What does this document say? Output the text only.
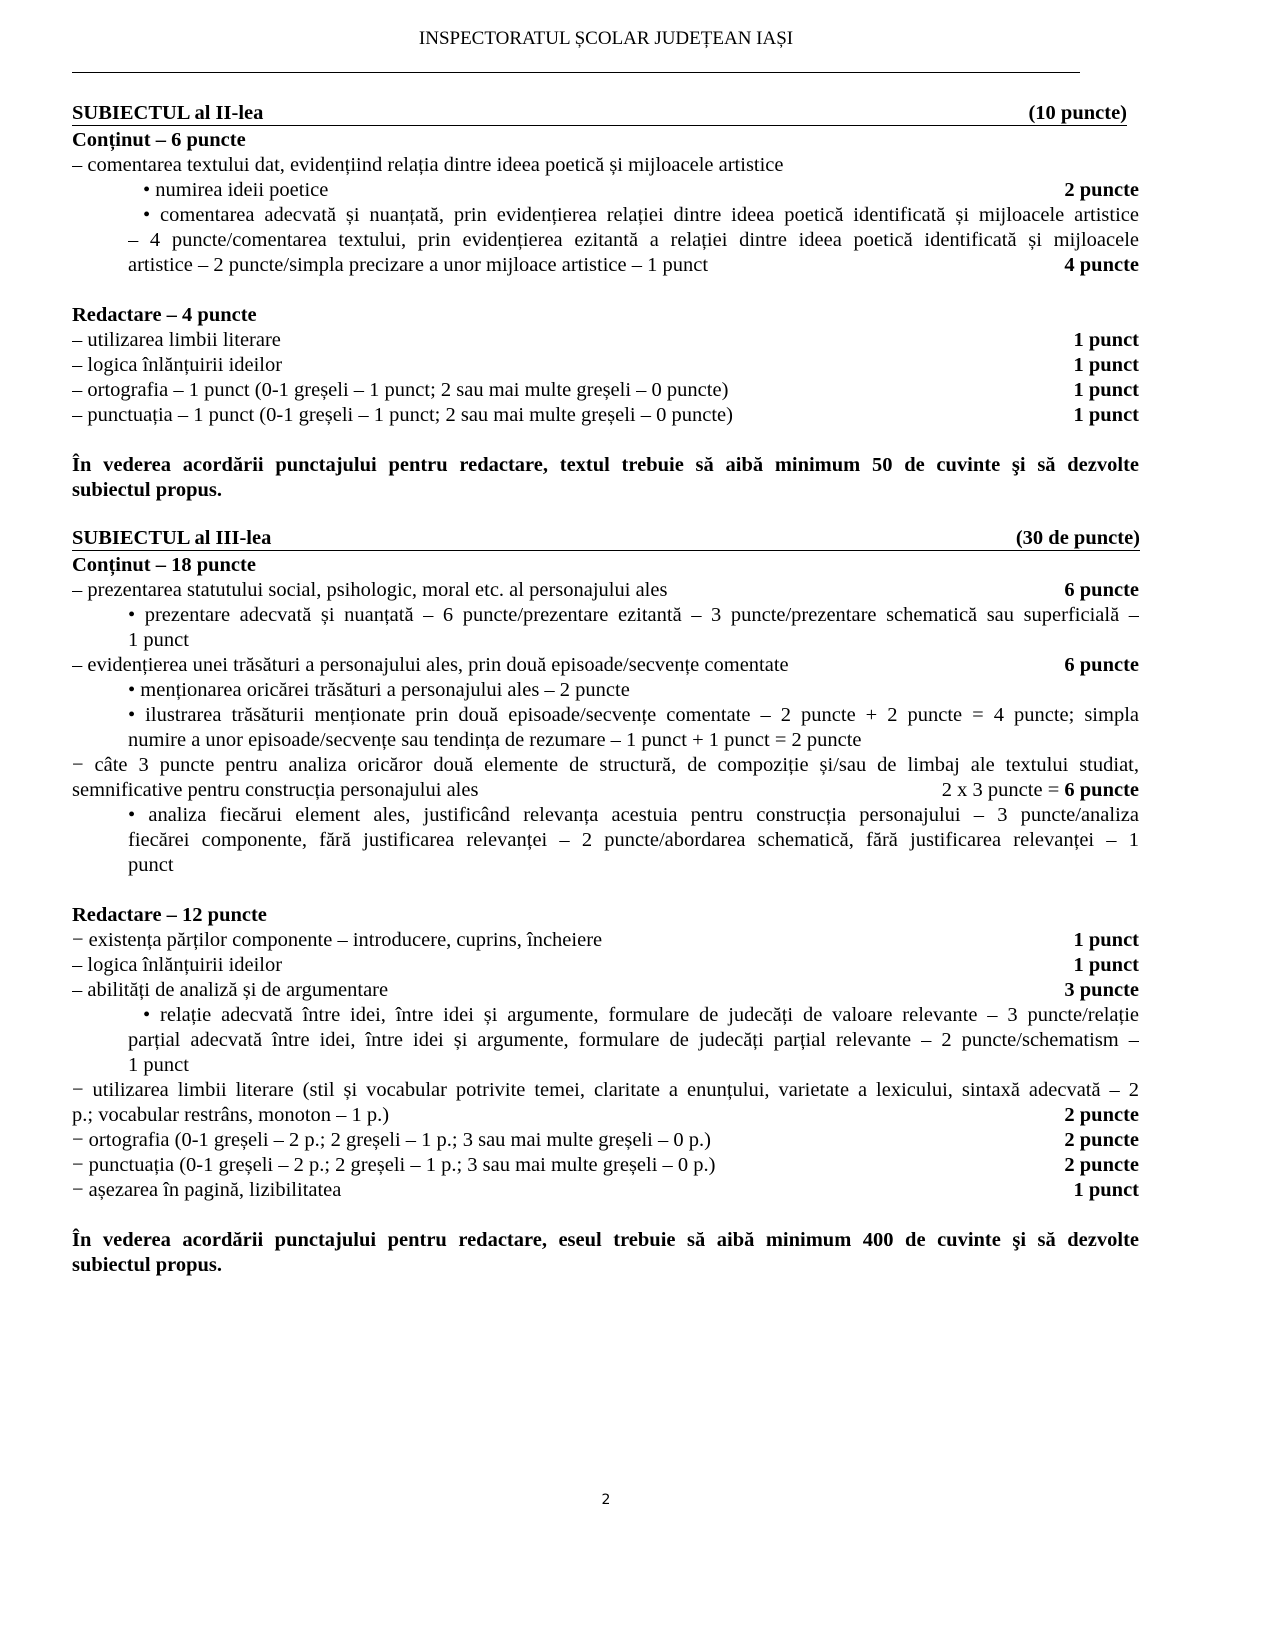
INSPECTORATUL ȘCOLAR JUDEȚEAN IAȘI
SUBIECTUL al II-lea	(10 puncte)
Conținut – 6 puncte
– comentarea textului dat, evidențiind relația dintre ideea poetică și mijloacele artistice
• numirea ideii poetice	2 puncte
• comentarea adecvată și nuanțată, prin evidențierea relației dintre ideea poetică identificată și mijloacele artistice
– 4 puncte/comentarea textului, prin evidențierea ezitantă a relației dintre ideea poetică identificată și mijloacele
artistice – 2 puncte/simpla precizare a unor mijloace artistice – 1 punct	4 puncte
Redactare – 4 puncte
– utilizarea limbii literare	1 punct
– logica înlănțuirii ideilor	1 punct
– ortografia – 1 punct (0-1 greșeli – 1 punct; 2 sau mai multe greșeli – 0 puncte)	1 punct
– punctuația – 1 punct (0-1 greșeli – 1 punct; 2 sau mai multe greșeli – 0 puncte)	1 punct
În vederea acordării punctajului pentru redactare, textul trebuie să aibă minimum 50 de cuvinte şi să dezvolte
subiectul propus.
SUBIECTUL al III-lea	(30 de puncte)
Conținut – 18 puncte
– prezentarea statutului social, psihologic, moral etc. al personajului ales	6 puncte
• prezentare adecvată și nuanțată – 6 puncte/prezentare ezitantă – 3 puncte/prezentare schematică sau superficială –
1 punct
– evidențierea unei trăsături a personajului ales, prin două episoade/secvențe comentate	6 puncte
• menționarea oricărei trăsături a personajului ales – 2 puncte
• ilustrarea trăsăturii menționate prin două episoade/secvențe comentate – 2 puncte + 2 puncte = 4 puncte; simpla
numire a unor episoade/secvențe sau tendința de rezumare – 1 punct + 1 punct = 2 puncte
− câte 3 puncte pentru analiza oricăror două elemente de structură, de compoziție și/sau de limbaj ale textului studiat,
semnificative pentru construcția personajului ales	2 x 3 puncte = 6 puncte
• analiza fiecărui element ales, justificând relevanța acestuia pentru construcția personajului – 3 puncte/analiza
fiecărei componente, fără justificarea relevanței – 2 puncte/abordarea schematică, fără justificarea relevanței – 1
punct
Redactare – 12 puncte
− existența părților componente – introducere, cuprins, încheiere	1 punct
– logica înlănțuirii ideilor	1 punct
– abilități de analiză și de argumentare	3 puncte
• relație adecvată între idei, între idei și argumente, formulare de judecăți de valoare relevante – 3 puncte/relație
parțial adecvată între idei, între idei și argumente, formulare de judecăți parțial relevante – 2 puncte/schematism –
1 punct
− utilizarea limbii literare (stil și vocabular potrivite temei, claritate a enunțului, varietate a lexicului, sintaxă adecvată – 2
p.; vocabular restrâns, monoton – 1 p.)	2 puncte
− ortografia (0-1 greșeli – 2 p.; 2 greșeli – 1 p.; 3 sau mai multe greșeli – 0 p.)	2 puncte
− punctuația (0-1 greșeli – 2 p.; 2 greșeli – 1 p.; 3 sau mai multe greșeli – 0 p.)	2 puncte
− așezarea în pagină, lizibilitatea	1 punct
În vederea acordării punctajului pentru redactare, eseul trebuie să aibă minimum 400 de cuvinte şi să dezvolte
subiectul propus.
2
